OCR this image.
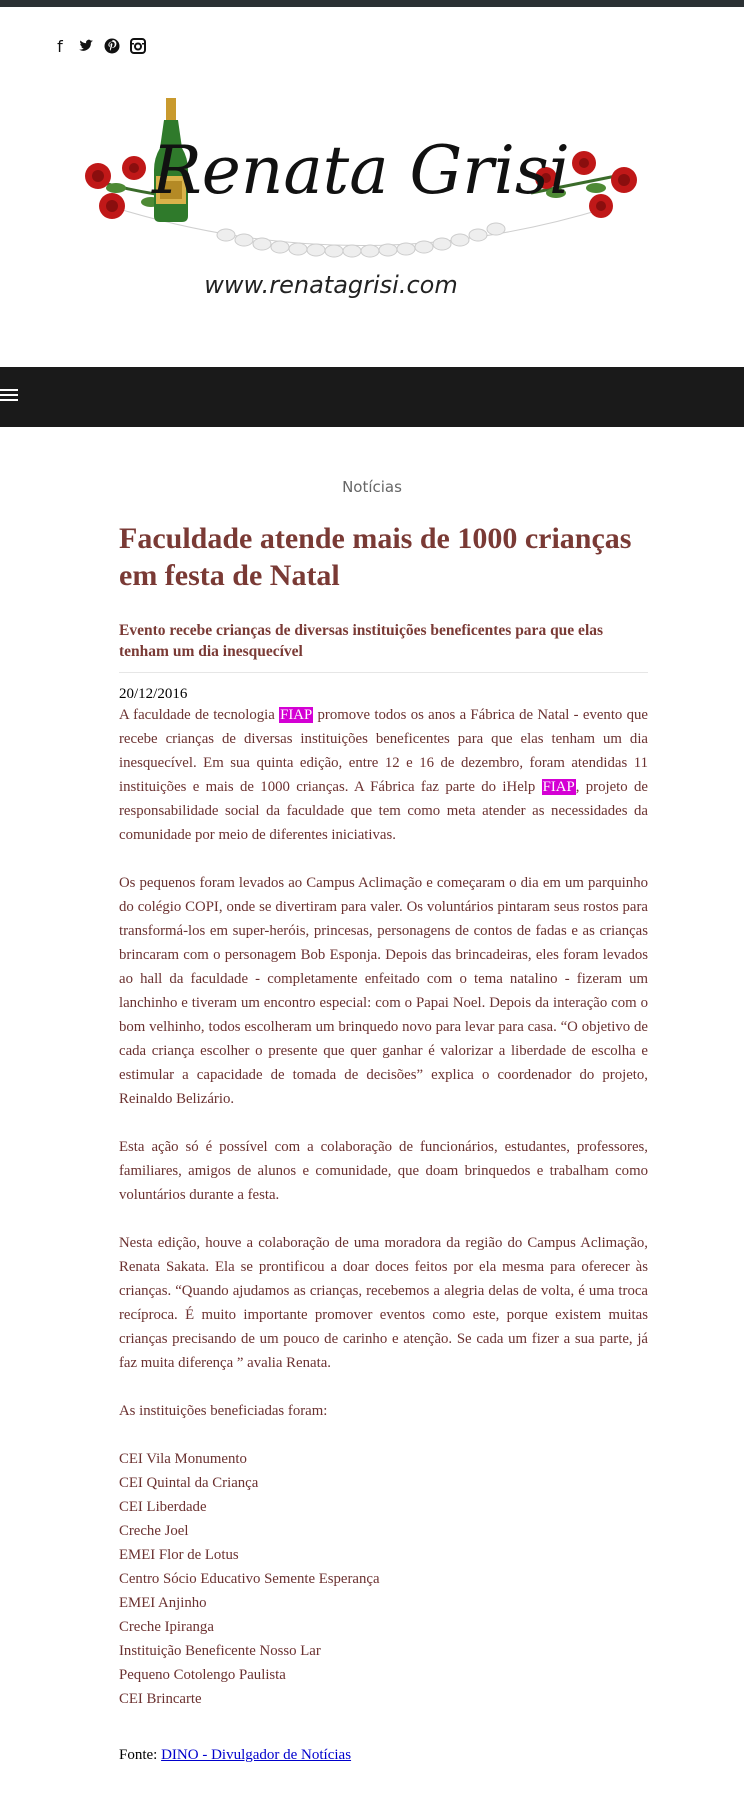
f
Renata Grisi
www.renatagrisi.com
Notícias
Faculdade atende mais de 1000 crianças em festa de Natal
Evento recebe crianças de diversas instituições beneficentes para que elas tenham um dia inesquecível
20/12/2016

A faculdade de tecnologia FIAP promove todos os anos a Fábrica de Natal - evento que recebe crianças de diversas instituições beneficentes para que elas tenham um dia inesquecível. Em sua quinta edição, entre 12 e 16 de dezembro, foram atendidas 11 instituições e mais de 1000 crianças. A Fábrica faz parte do iHelp FIAP, projeto de responsabilidade social da faculdade que tem como meta atender as necessidades da comunidade por meio de diferentes iniciativas.

Os pequenos foram levados ao Campus Aclimação e começaram o dia em um parquinho do colégio COPI, onde se divertiram para valer. Os voluntários pintaram seus rostos para transformá-los em super-heróis, princesas, personagens de contos de fadas e as crianças brincaram com o personagem Bob Esponja. Depois das brincadeiras, eles foram levados ao hall da faculdade - completamente enfeitado com o tema natalino - fizeram um lanchinho e tiveram um encontro especial: com o Papai Noel. Depois da interação com o bom velhinho, todos escolheram um brinquedo novo para levar para casa. “O objetivo de cada criança escolher o presente que quer ganhar é valorizar a liberdade de escolha e estimular a capacidade de tomada de decisões” explica o coordenador do projeto, Reinaldo Belizário.

Esta ação só é possível com a colaboração de funcionários, estudantes, professores, familiares, amigos de alunos e comunidade, que doam brinquedos e trabalham como voluntários durante a festa.

Nesta edição, houve a colaboração de uma moradora da região do Campus Aclimação, Renata Sakata. Ela se prontificou a doar doces feitos por ela mesma para oferecer às crianças. “Quando ajudamos as crianças, recebemos a alegria delas de volta, é uma troca recíproca. É muito importante promover eventos como este, porque existem muitas crianças precisando de um pouco de carinho e atenção. Se cada um fizer a sua parte, já faz muita diferença ” avalia Renata.

As instituições beneficiadas foram:

CEI Vila Monumento
CEI Quintal da Criança
CEI Liberdade
Creche Joel
EMEI Flor de Lotus
Centro Sócio Educativo Semente Esperança
EMEI Anjinho
Creche Ipiranga
Instituição Beneficente Nosso Lar
Pequeno Cotolengo Paulista
CEI Brincarte
Fonte: DINO - Divulgador de Notícias
